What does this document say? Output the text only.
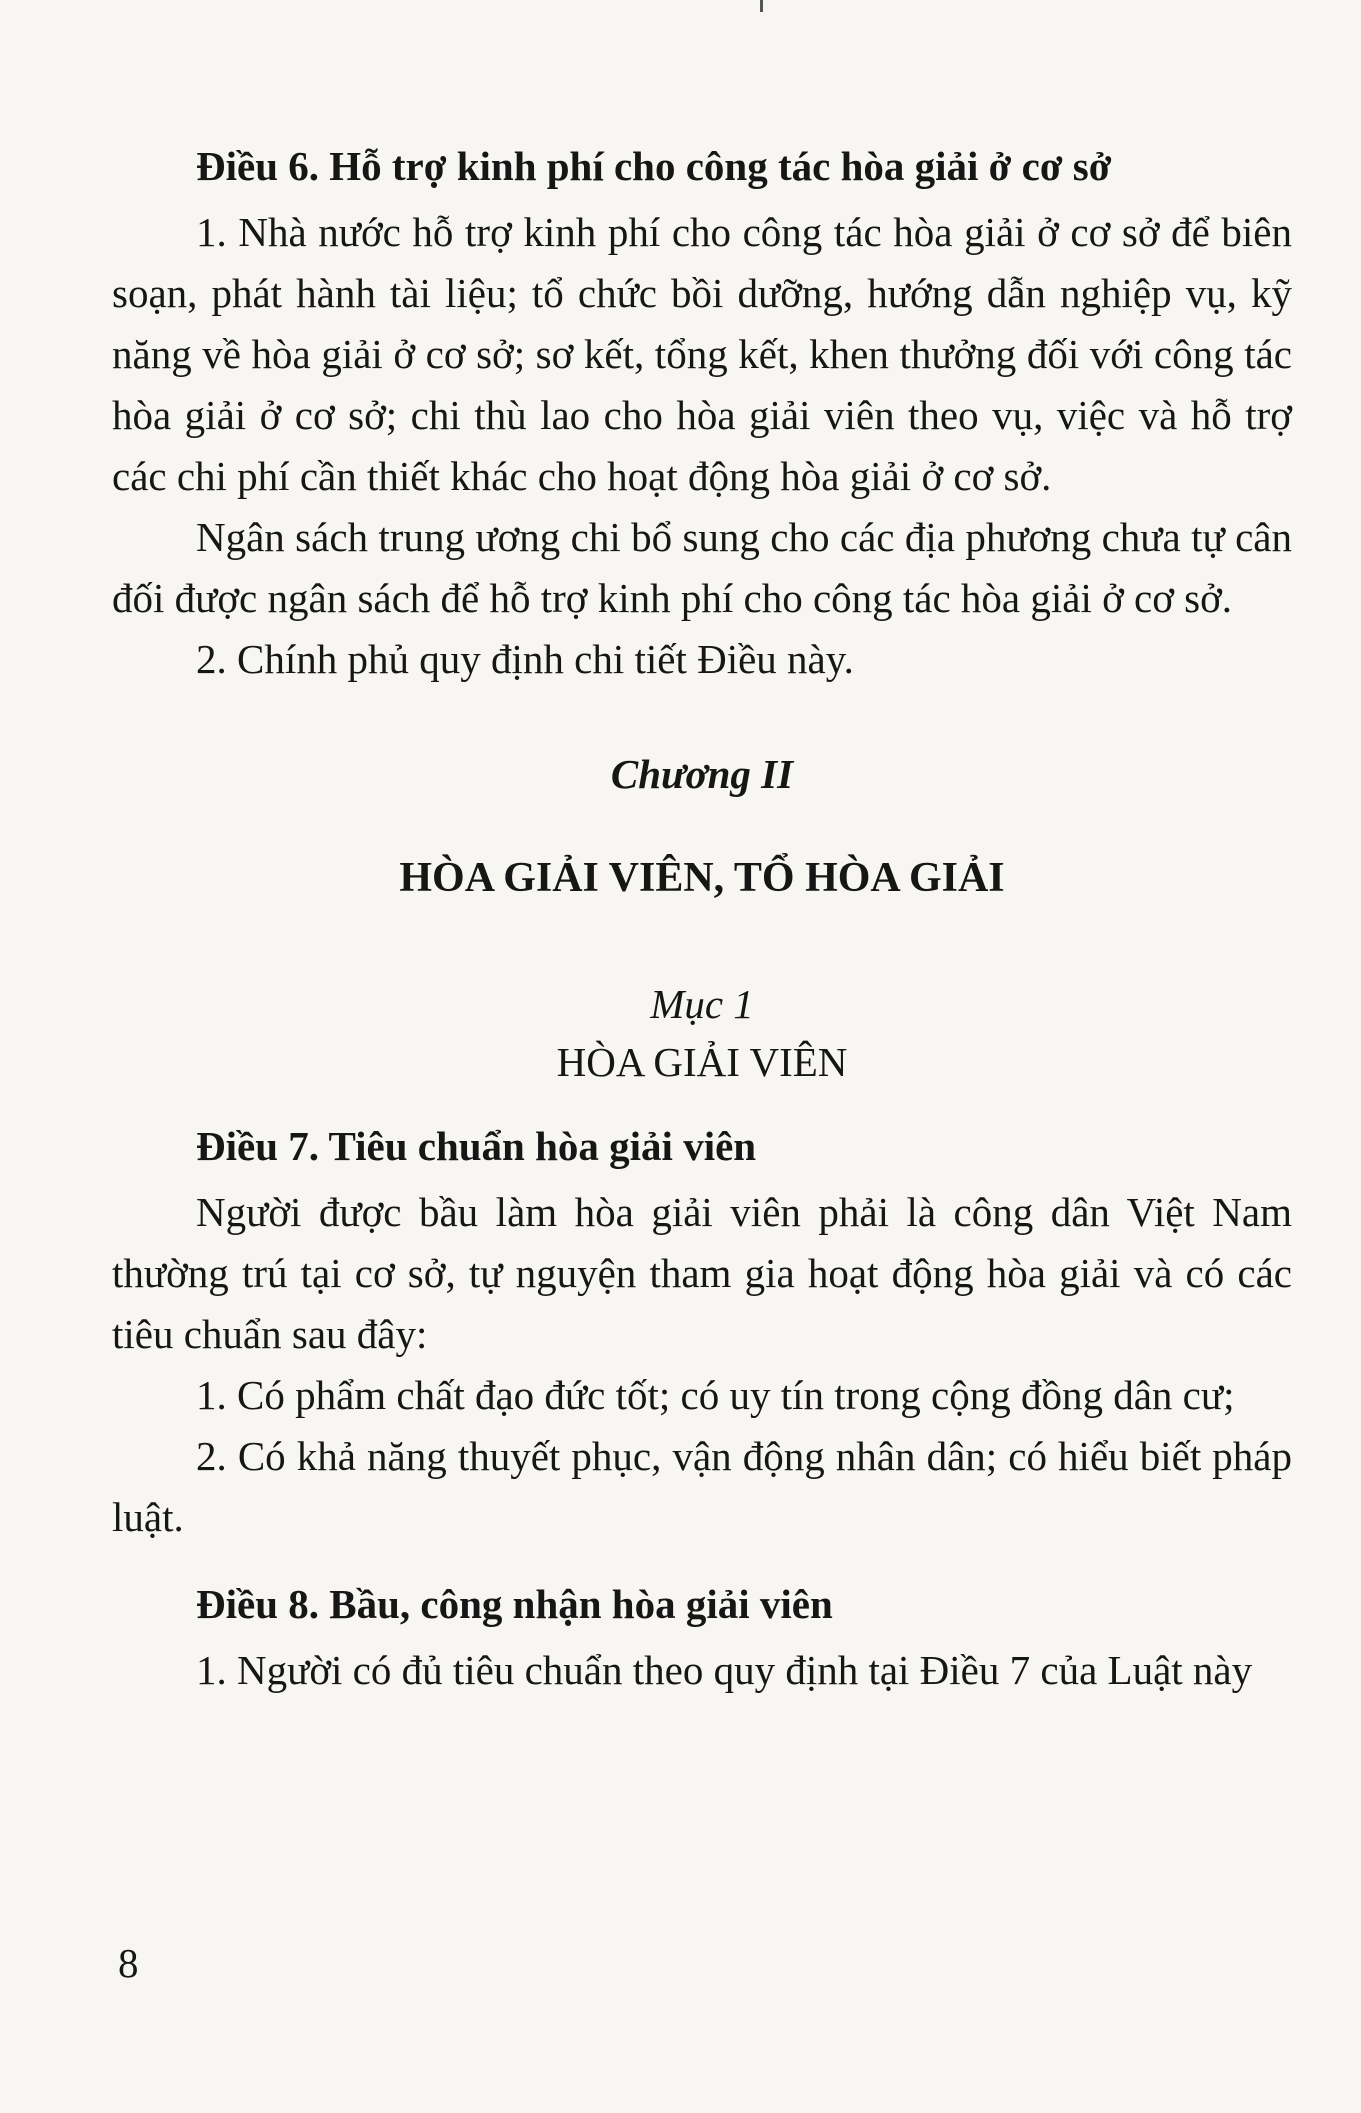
Điều 6. Hỗ trợ kinh phí cho công tác hòa giải ở cơ sở

1. Nhà nước hỗ trợ kinh phí cho công tác hòa giải ở cơ sở để biên soạn, phát hành tài liệu; tổ chức bồi dưỡng, hướng dẫn nghiệp vụ, kỹ năng về hòa giải ở cơ sở; sơ kết, tổng kết, khen thưởng đối với công tác hòa giải ở cơ sở; chi thù lao cho hòa giải viên theo vụ, việc và hỗ trợ các chi phí cần thiết khác cho hoạt động hòa giải ở cơ sở.

Ngân sách trung ương chi bổ sung cho các địa phương chưa tự cân đối được ngân sách để hỗ trợ kinh phí cho công tác hòa giải ở cơ sở.

2. Chính phủ quy định chi tiết Điều này.

Chương II
HÒA GIẢI VIÊN, TỔ HÒA GIẢI
Mục 1
HÒA GIẢI VIÊN
Điều 7. Tiêu chuẩn hòa giải viên

Người được bầu làm hòa giải viên phải là công dân Việt Nam thường trú tại cơ sở, tự nguyện tham gia hoạt động hòa giải và có các tiêu chuẩn sau đây:

1. Có phẩm chất đạo đức tốt; có uy tín trong cộng đồng dân cư;

2. Có khả năng thuyết phục, vận động nhân dân; có hiểu biết pháp luật.

Điều 8. Bầu, công nhận hòa giải viên

1. Người có đủ tiêu chuẩn theo quy định tại Điều 7 của Luật này

8
